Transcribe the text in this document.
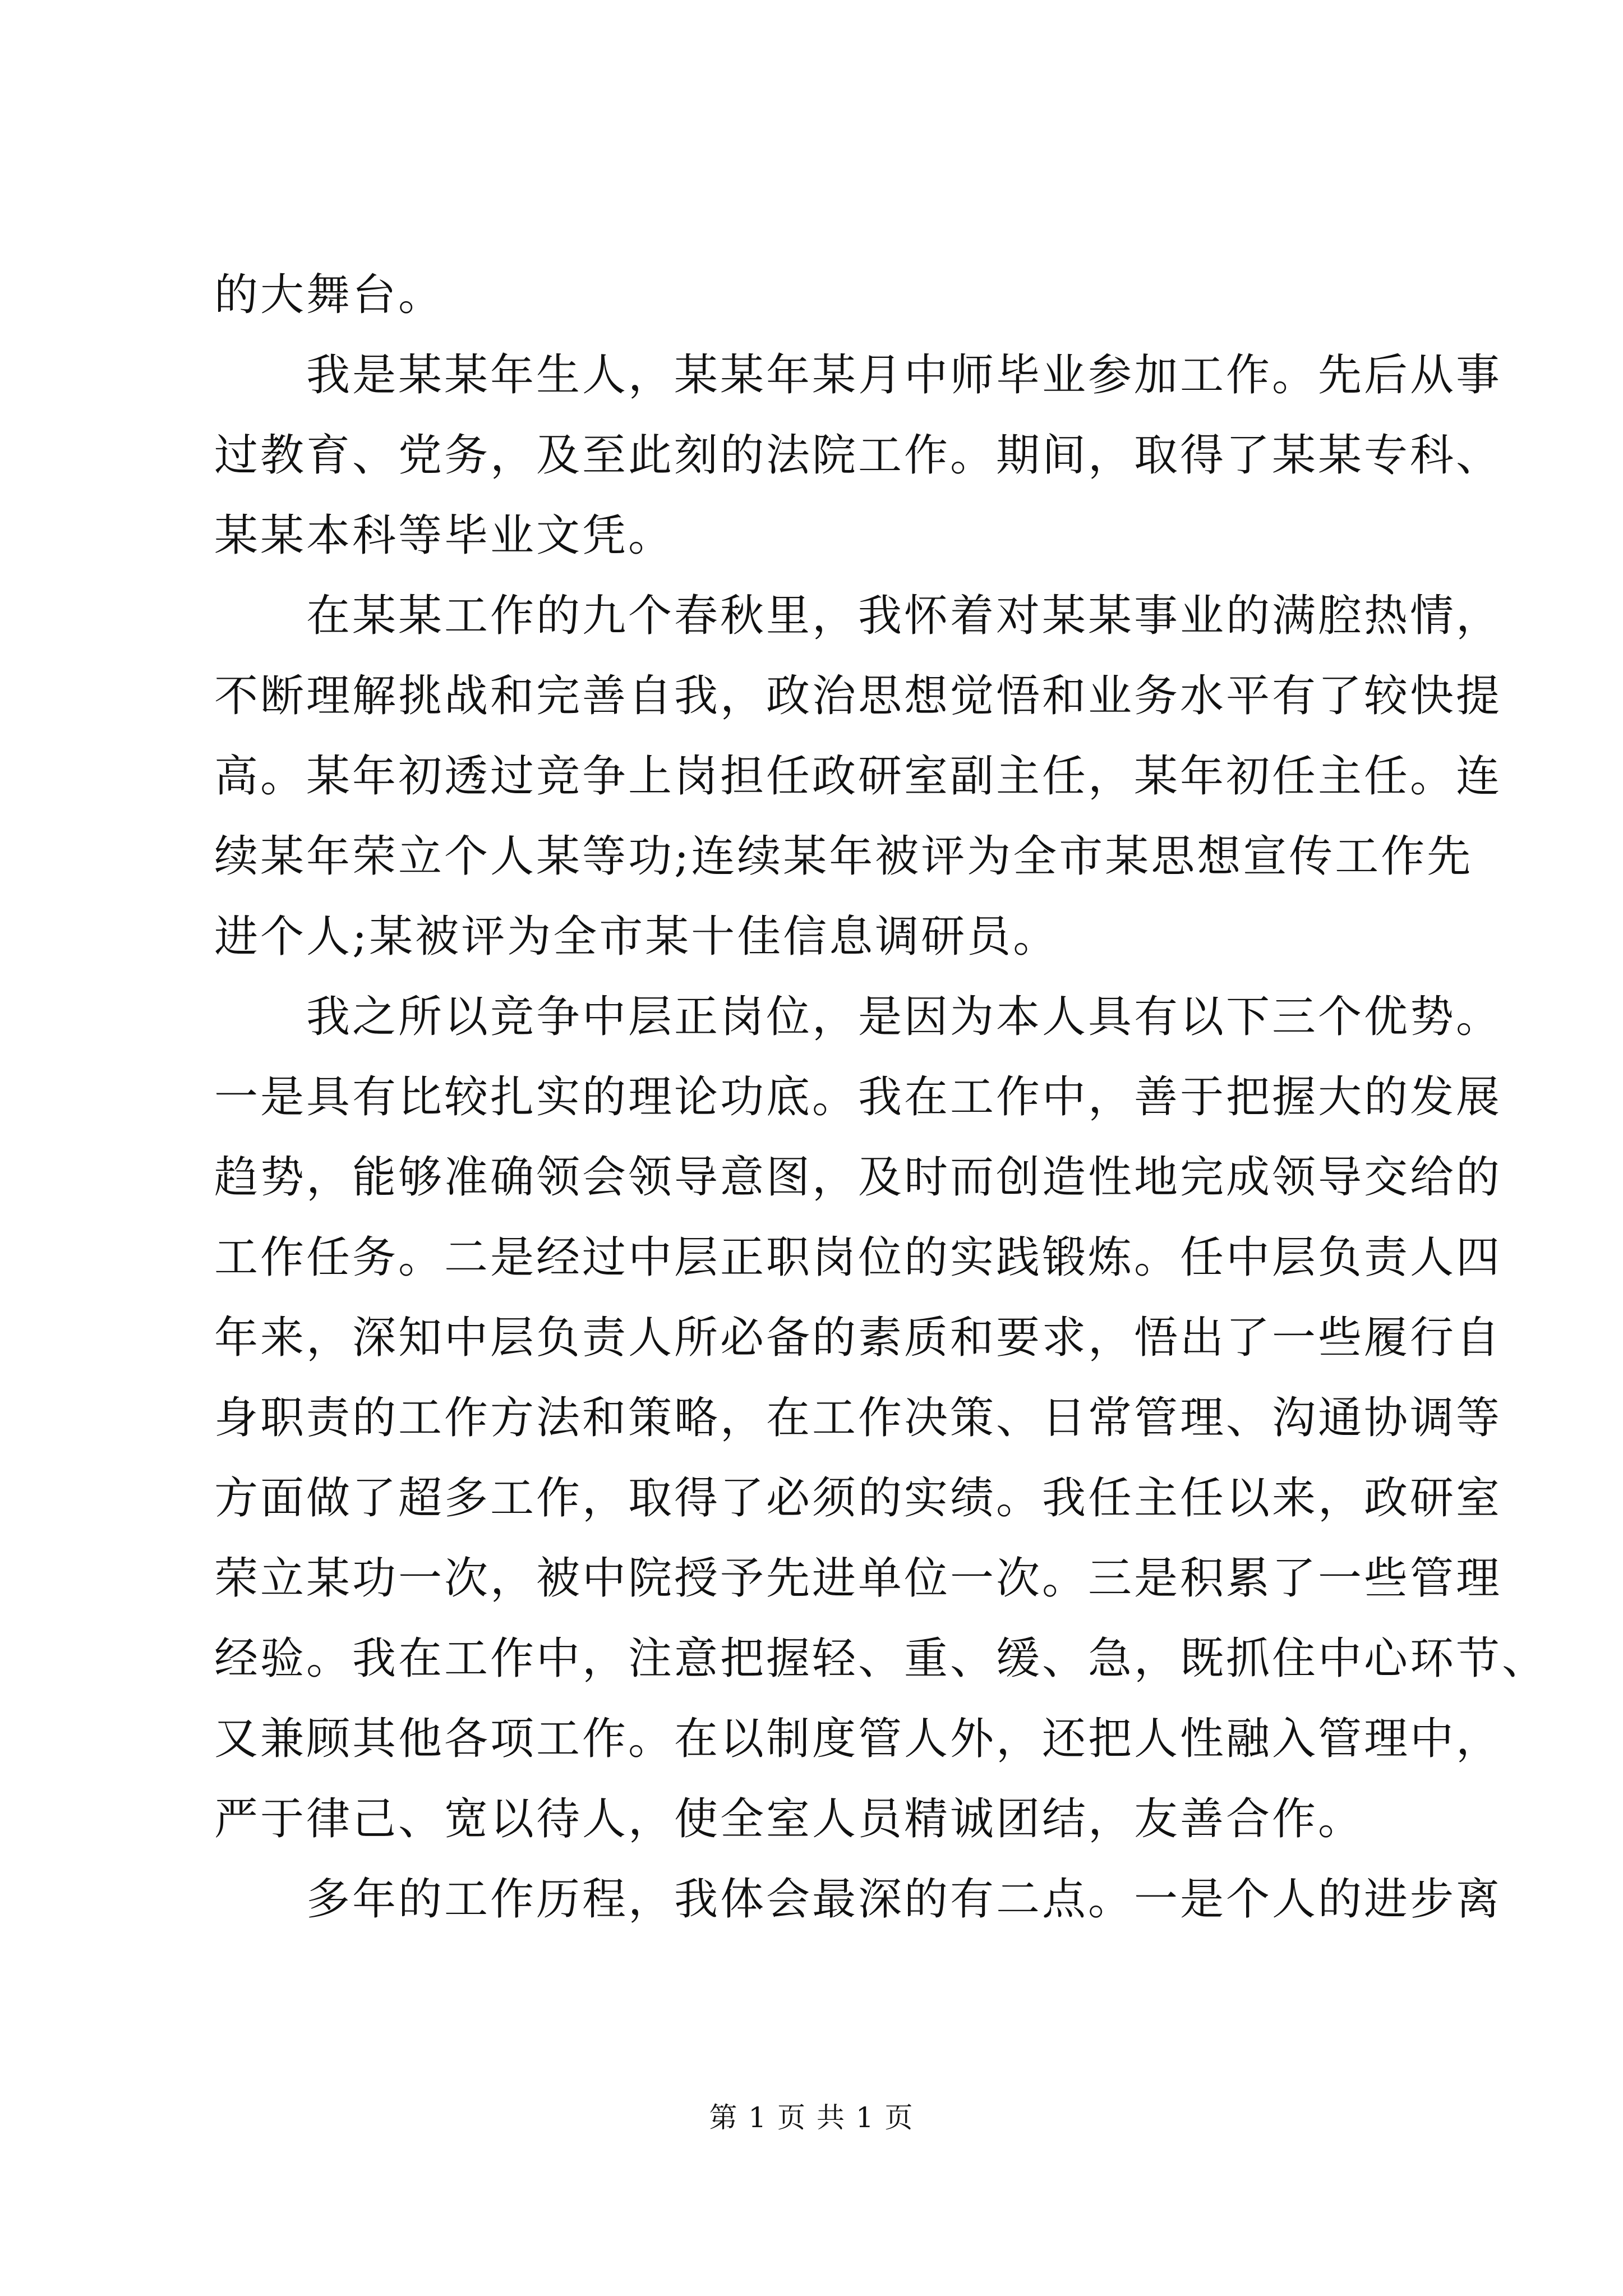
的大舞台。
我是某某年生人，某某年某月中师毕业参加工作。先后从事
过教育、党务，及至此刻的法院工作。期间，取得了某某专科、
某某本科等毕业文凭。
在某某工作的九个春秋里，我怀着对某某事业的满腔热情，
不断理解挑战和完善自我，政治思想觉悟和业务水平有了较快提
高。某年初透过竞争上岗担任政研室副主任，某年初任主任。连
续某年荣立个人某等功;连续某年被评为全市某思想宣传工作先
进个人;某被评为全市某十佳信息调研员。
我之所以竞争中层正岗位，是因为本人具有以下三个优势。
一是具有比较扎实的理论功底。我在工作中，善于把握大的发展
趋势，能够准确领会领导意图，及时而创造性地完成领导交给的
工作任务。二是经过中层正职岗位的实践锻炼。任中层负责人四
年来，深知中层负责人所必备的素质和要求，悟出了一些履行自
身职责的工作方法和策略，在工作决策、日常管理、沟通协调等
方面做了超多工作，取得了必须的实绩。我任主任以来，政研室
荣立某功一次，被中院授予先进单位一次。三是积累了一些管理
经验。我在工作中，注意把握轻、重、缓、急，既抓住中心环节、
又兼顾其他各项工作。在以制度管人外，还把人性融入管理中，
严于律己、宽以待人，使全室人员精诚团结，友善合作。
多年的工作历程，我体会最深的有二点。一是个人的进步离
第 1 页 共 1 页
